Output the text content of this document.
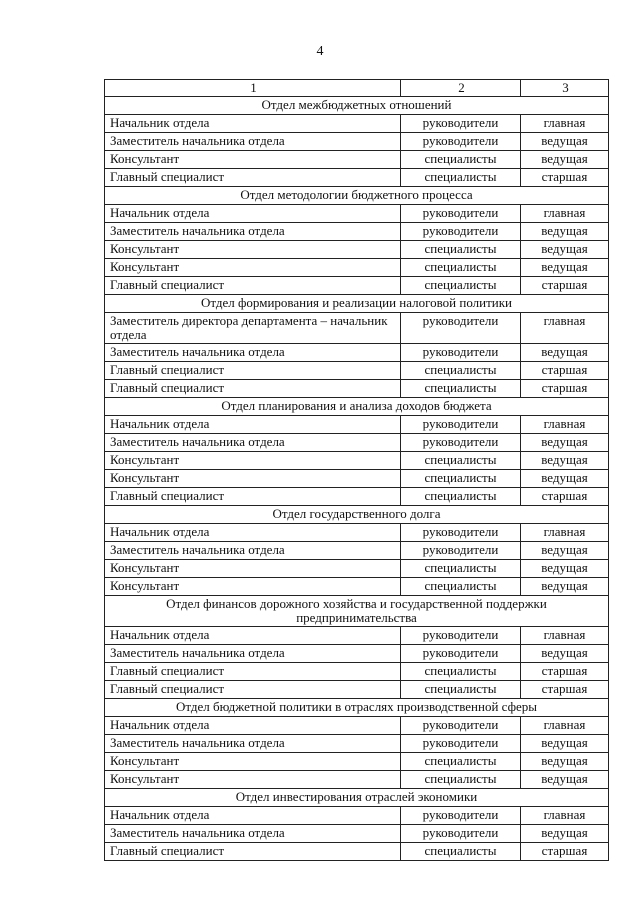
4
1	2	3
Отдел межбюджетных отношений		
Начальник отдела	руководители	главная
Заместитель начальника отдела	руководители	ведущая
Консультант	специалисты	ведущая
Главный специалист	специалисты	старшая
Отдел методологии бюджетного процесса		
Начальник отдела	руководители	главная
Заместитель начальника отдела	руководители	ведущая
Консультант	специалисты	ведущая
Консультант	специалисты	ведущая
Главный специалист	специалисты	старшая
Отдел формирования и реализации налоговой политики		
Заместитель директора департамента – начальник отдела	руководители	главная
Заместитель начальника отдела	руководители	ведущая
Главный специалист	специалисты	старшая
Главный специалист	специалисты	старшая
Отдел планирования и анализа доходов бюджета		
Начальник отдела	руководители	главная
Заместитель начальника отдела	руководители	ведущая
Консультант	специалисты	ведущая
Консультант	специалисты	ведущая
Главный специалист	специалисты	старшая
Отдел государственного долга		
Начальник отдела	руководители	главная
Заместитель начальника отдела	руководители	ведущая
Консультант	специалисты	ведущая
Консультант	специалисты	ведущая
Отдел финансов дорожного хозяйства и государственной поддержки предпринимательства		
Начальник отдела	руководители	главная
Заместитель начальника отдела	руководители	ведущая
Главный специалист	специалисты	старшая
Главный специалист	специалисты	старшая
Отдел бюджетной политики в отраслях производственной сферы		
Начальник отдела	руководители	главная
Заместитель начальника отдела	руководители	ведущая
Консультант	специалисты	ведущая
Консультант	специалисты	ведущая
Отдел инвестирования отраслей экономики		
Начальник отдела	руководители	главная
Заместитель начальника отдела	руководители	ведущая
Главный специалист	специалисты	старшая
